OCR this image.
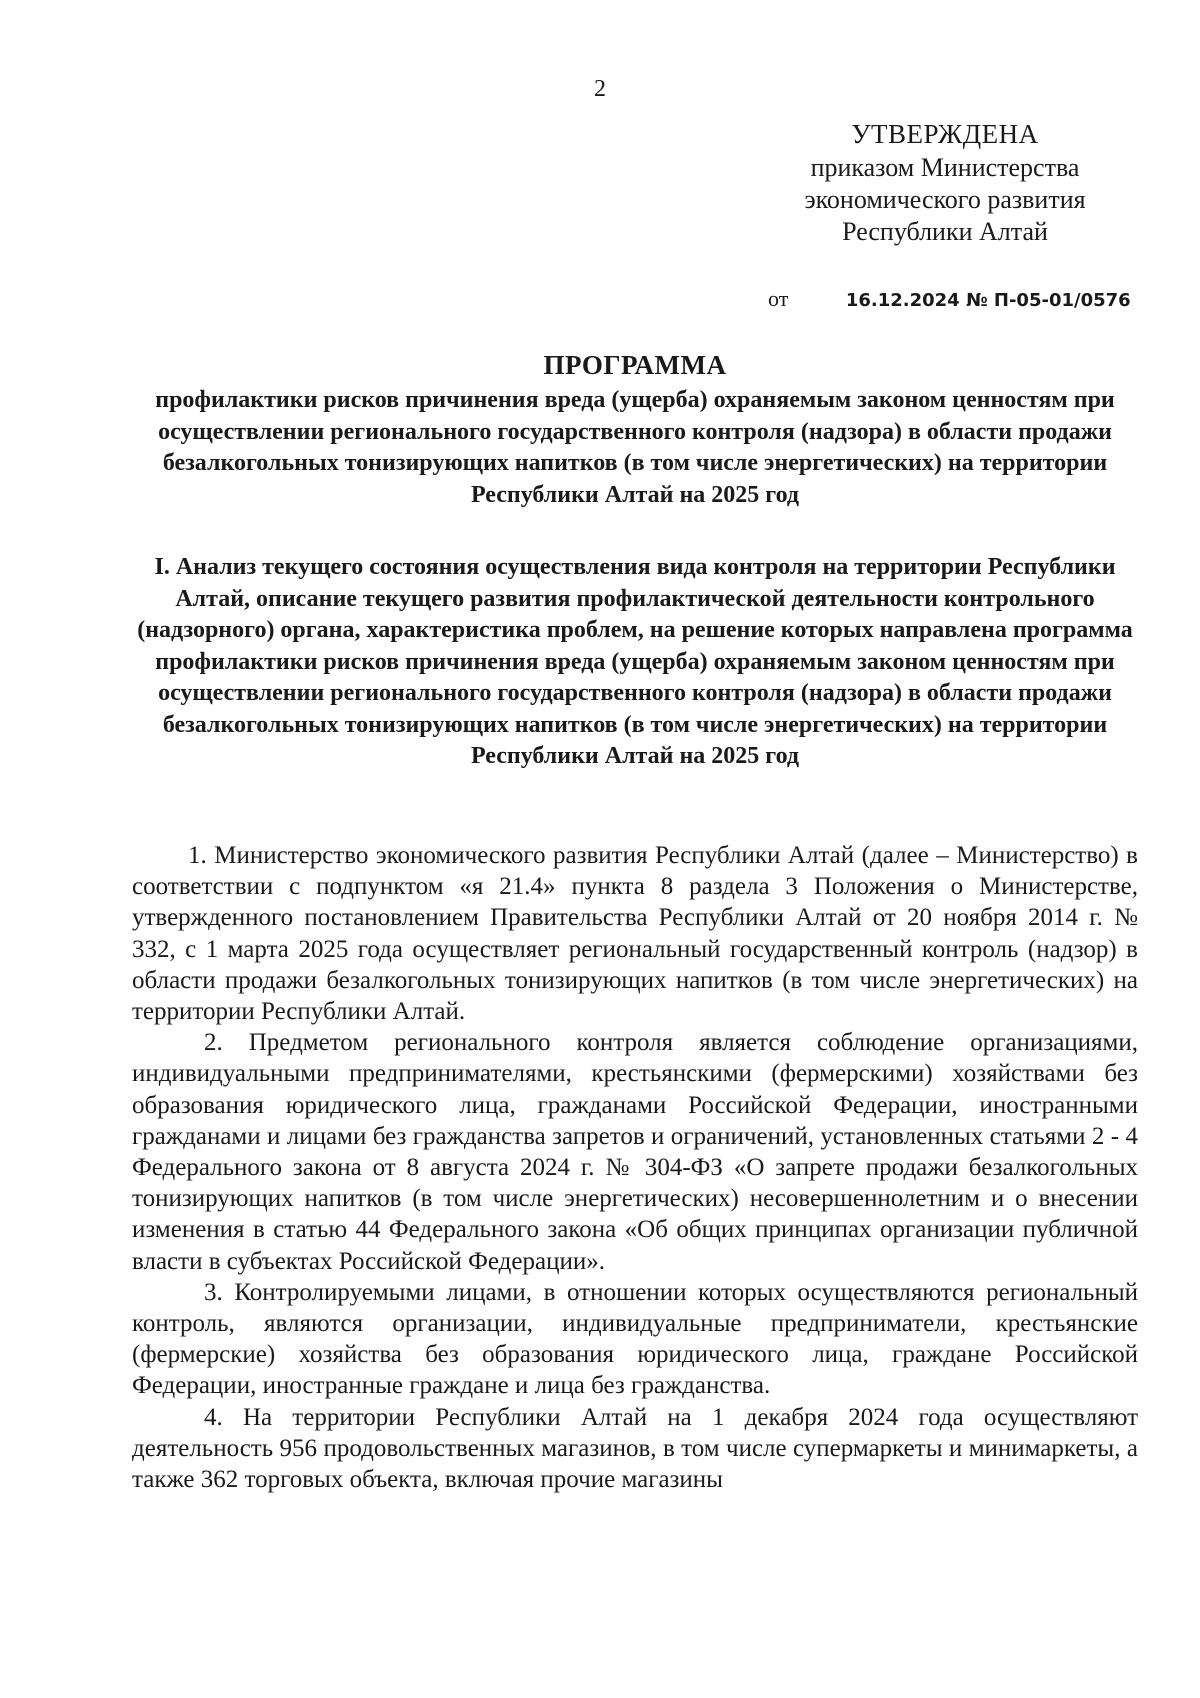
2
УТВЕРЖДЕНА
приказом Министерства
экономического развития
Республики Алтай
от	16.12.2024 № П-05-01/0576
ПРОГРАММА
профилактики рисков причинения вреда (ущерба) охраняемым законом ценностям при осуществлении регионального государственного контроля (надзора) в области продажи безалкогольных тонизирующих напитков (в том числе энергетических) на территории Республики Алтай на 2025 год
I. Анализ текущего состояния осуществления вида контроля на территории Республики Алтай, описание текущего развития профилактической деятельности контрольного (надзорного) органа, характеристика проблем, на решение которых направлена программа профилактики рисков причинения вреда (ущерба) охраняемым законом ценностям при осуществлении регионального государственного контроля (надзора) в области продажи безалкогольных тонизирующих напитков (в том числе энергетических) на территории Республики Алтай на 2025 год

1. Министерство экономического развития Республики Алтай (далее – Министерство) в соответствии с подпунктом «я 21.4» пункта 8 раздела 3 Положения о Министерстве, утвержденного постановлением Правительства Республики Алтай от 20 ноября 2014 г. № 332, с 1 марта 2025 года осуществляет региональный государственный контроль (надзор) в области продажи безалкогольных тонизирующих напитков (в том числе энергетических) на территории Республики Алтай.

2. Предметом регионального контроля является соблюдение организациями, индивидуальными предпринимателями, крестьянскими (фермерскими) хозяйствами без образования юридического лица, гражданами Российской Федерации, иностранными гражданами и лицами без гражданства запретов и ограничений, установленных статьями 2 - 4 Федерального закона от 8 августа 2024 г. № 304-ФЗ «О запрете продажи безалкогольных тонизирующих напитков (в том числе энергетических) несовершеннолетним и о внесении изменения в статью 44 Федерального закона «Об общих принципах организации публичной власти в субъектах Российской Федерации».

3. Контролируемыми лицами, в отношении которых осуществляются региональный контроль, являются организации, индивидуальные предприниматели, крестьянские (фермерские) хозяйства без образования юридического лица, граждане Российской Федерации, иностранные граждане и лица без гражданства.

4. На территории Республики Алтай на 1 декабря 2024 года осуществляют деятельность 956 продовольственных магазинов, в том числе супермаркеты и минимаркеты, а также 362 торговых объекта, включая прочие магазины
